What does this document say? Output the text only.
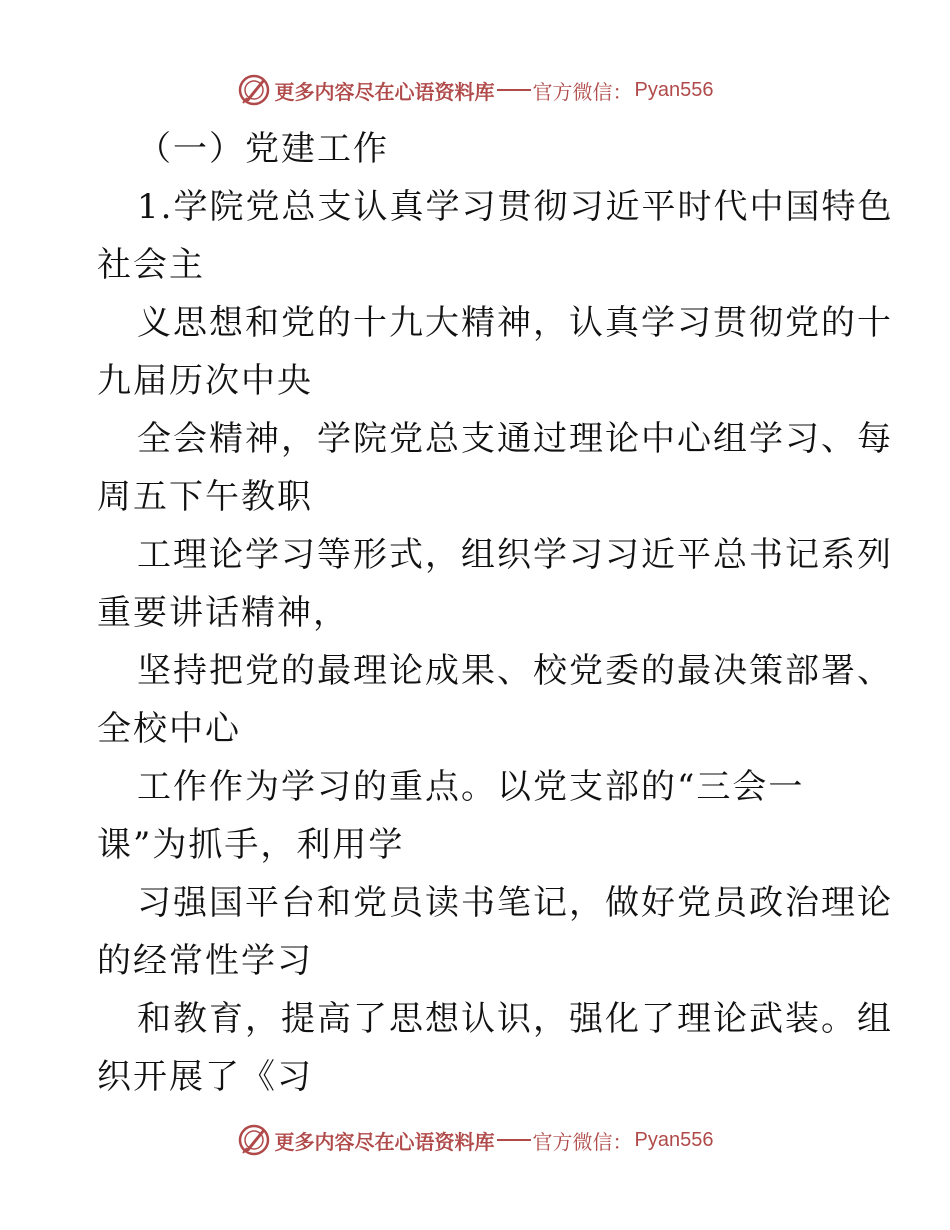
更多内容尽在心语资料库 官方微信： Pyan556
（一）党建工作
1.学院党总支认真学习贯彻习近平时代中国特色
社会主
义思想和党的十九大精神，认真学习贯彻党的十
九届历次中央
全会精神，学院党总支通过理论中心组学习、每
周五下午教职
工理论学习等形式，组织学习习近平总书记系列
重要讲话精神，
坚持把党的最理论成果、校党委的最决策部署、
全校中心
工作作为学习的重点。以党支部的“三会一
课”为抓手，利用学
习强国平台和党员读书笔记，做好党员政治理论
的经常性学习
和教育，提高了思想认识，强化了理论武装。组
织开展了《习
更多内容尽在心语资料库 官方微信： Pyan556
